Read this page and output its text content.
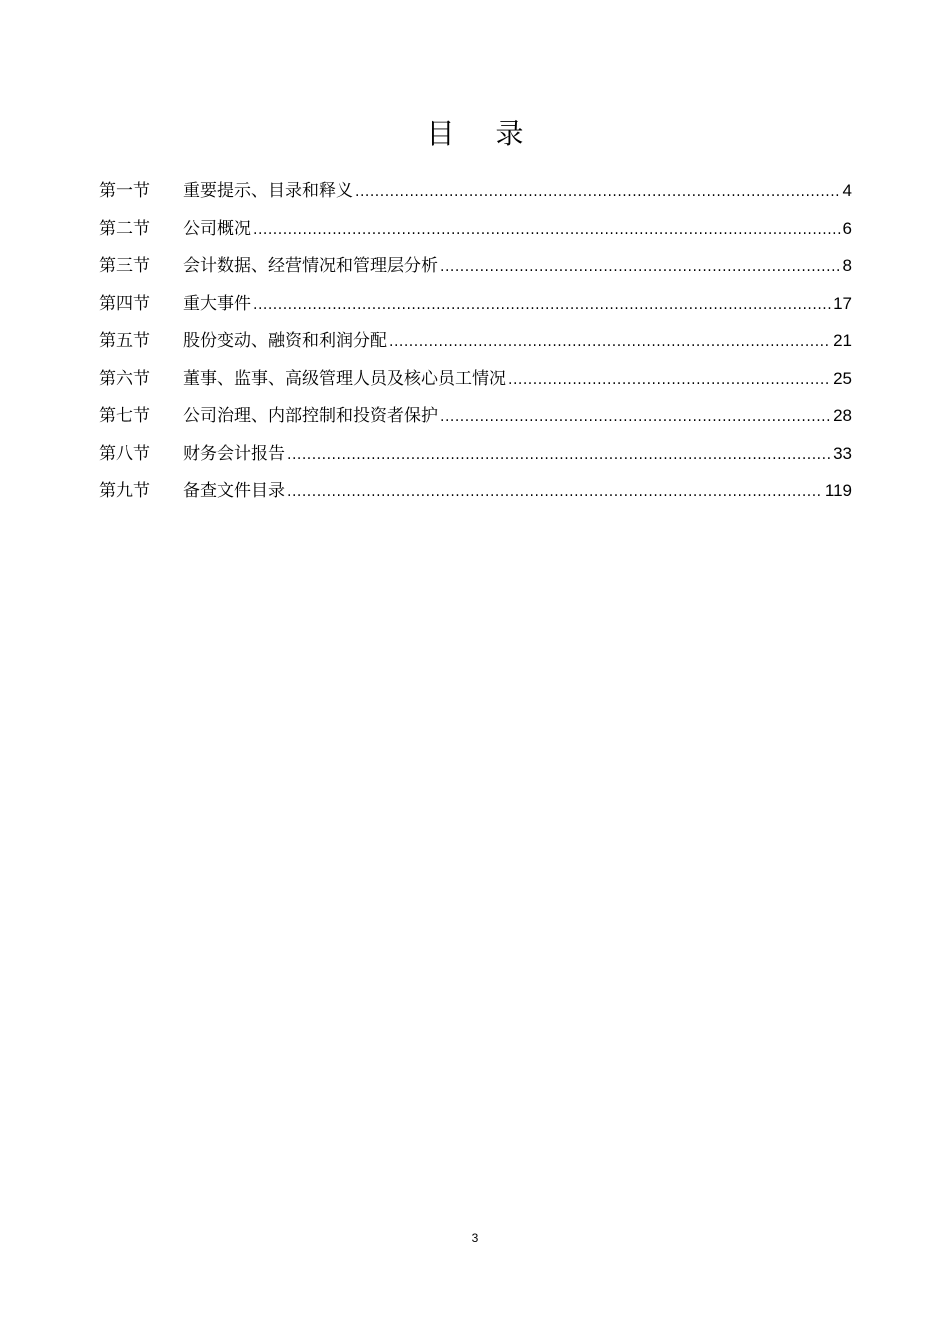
目 录
第一节	重要提示、目录和释义 .....	4
第二节	公司概况 .....	6
第三节	会计数据、经营情况和管理层分析 .....	8
第四节	重大事件 .....	17
第五节	股份变动、融资和利润分配 .....	21
第六节	董事、监事、高级管理人员及核心员工情况 .....	25
第七节	公司治理、内部控制和投资者保护 .....	28
第八节	财务会计报告 .....	33
第九节	备查文件目录 .....	119
3
